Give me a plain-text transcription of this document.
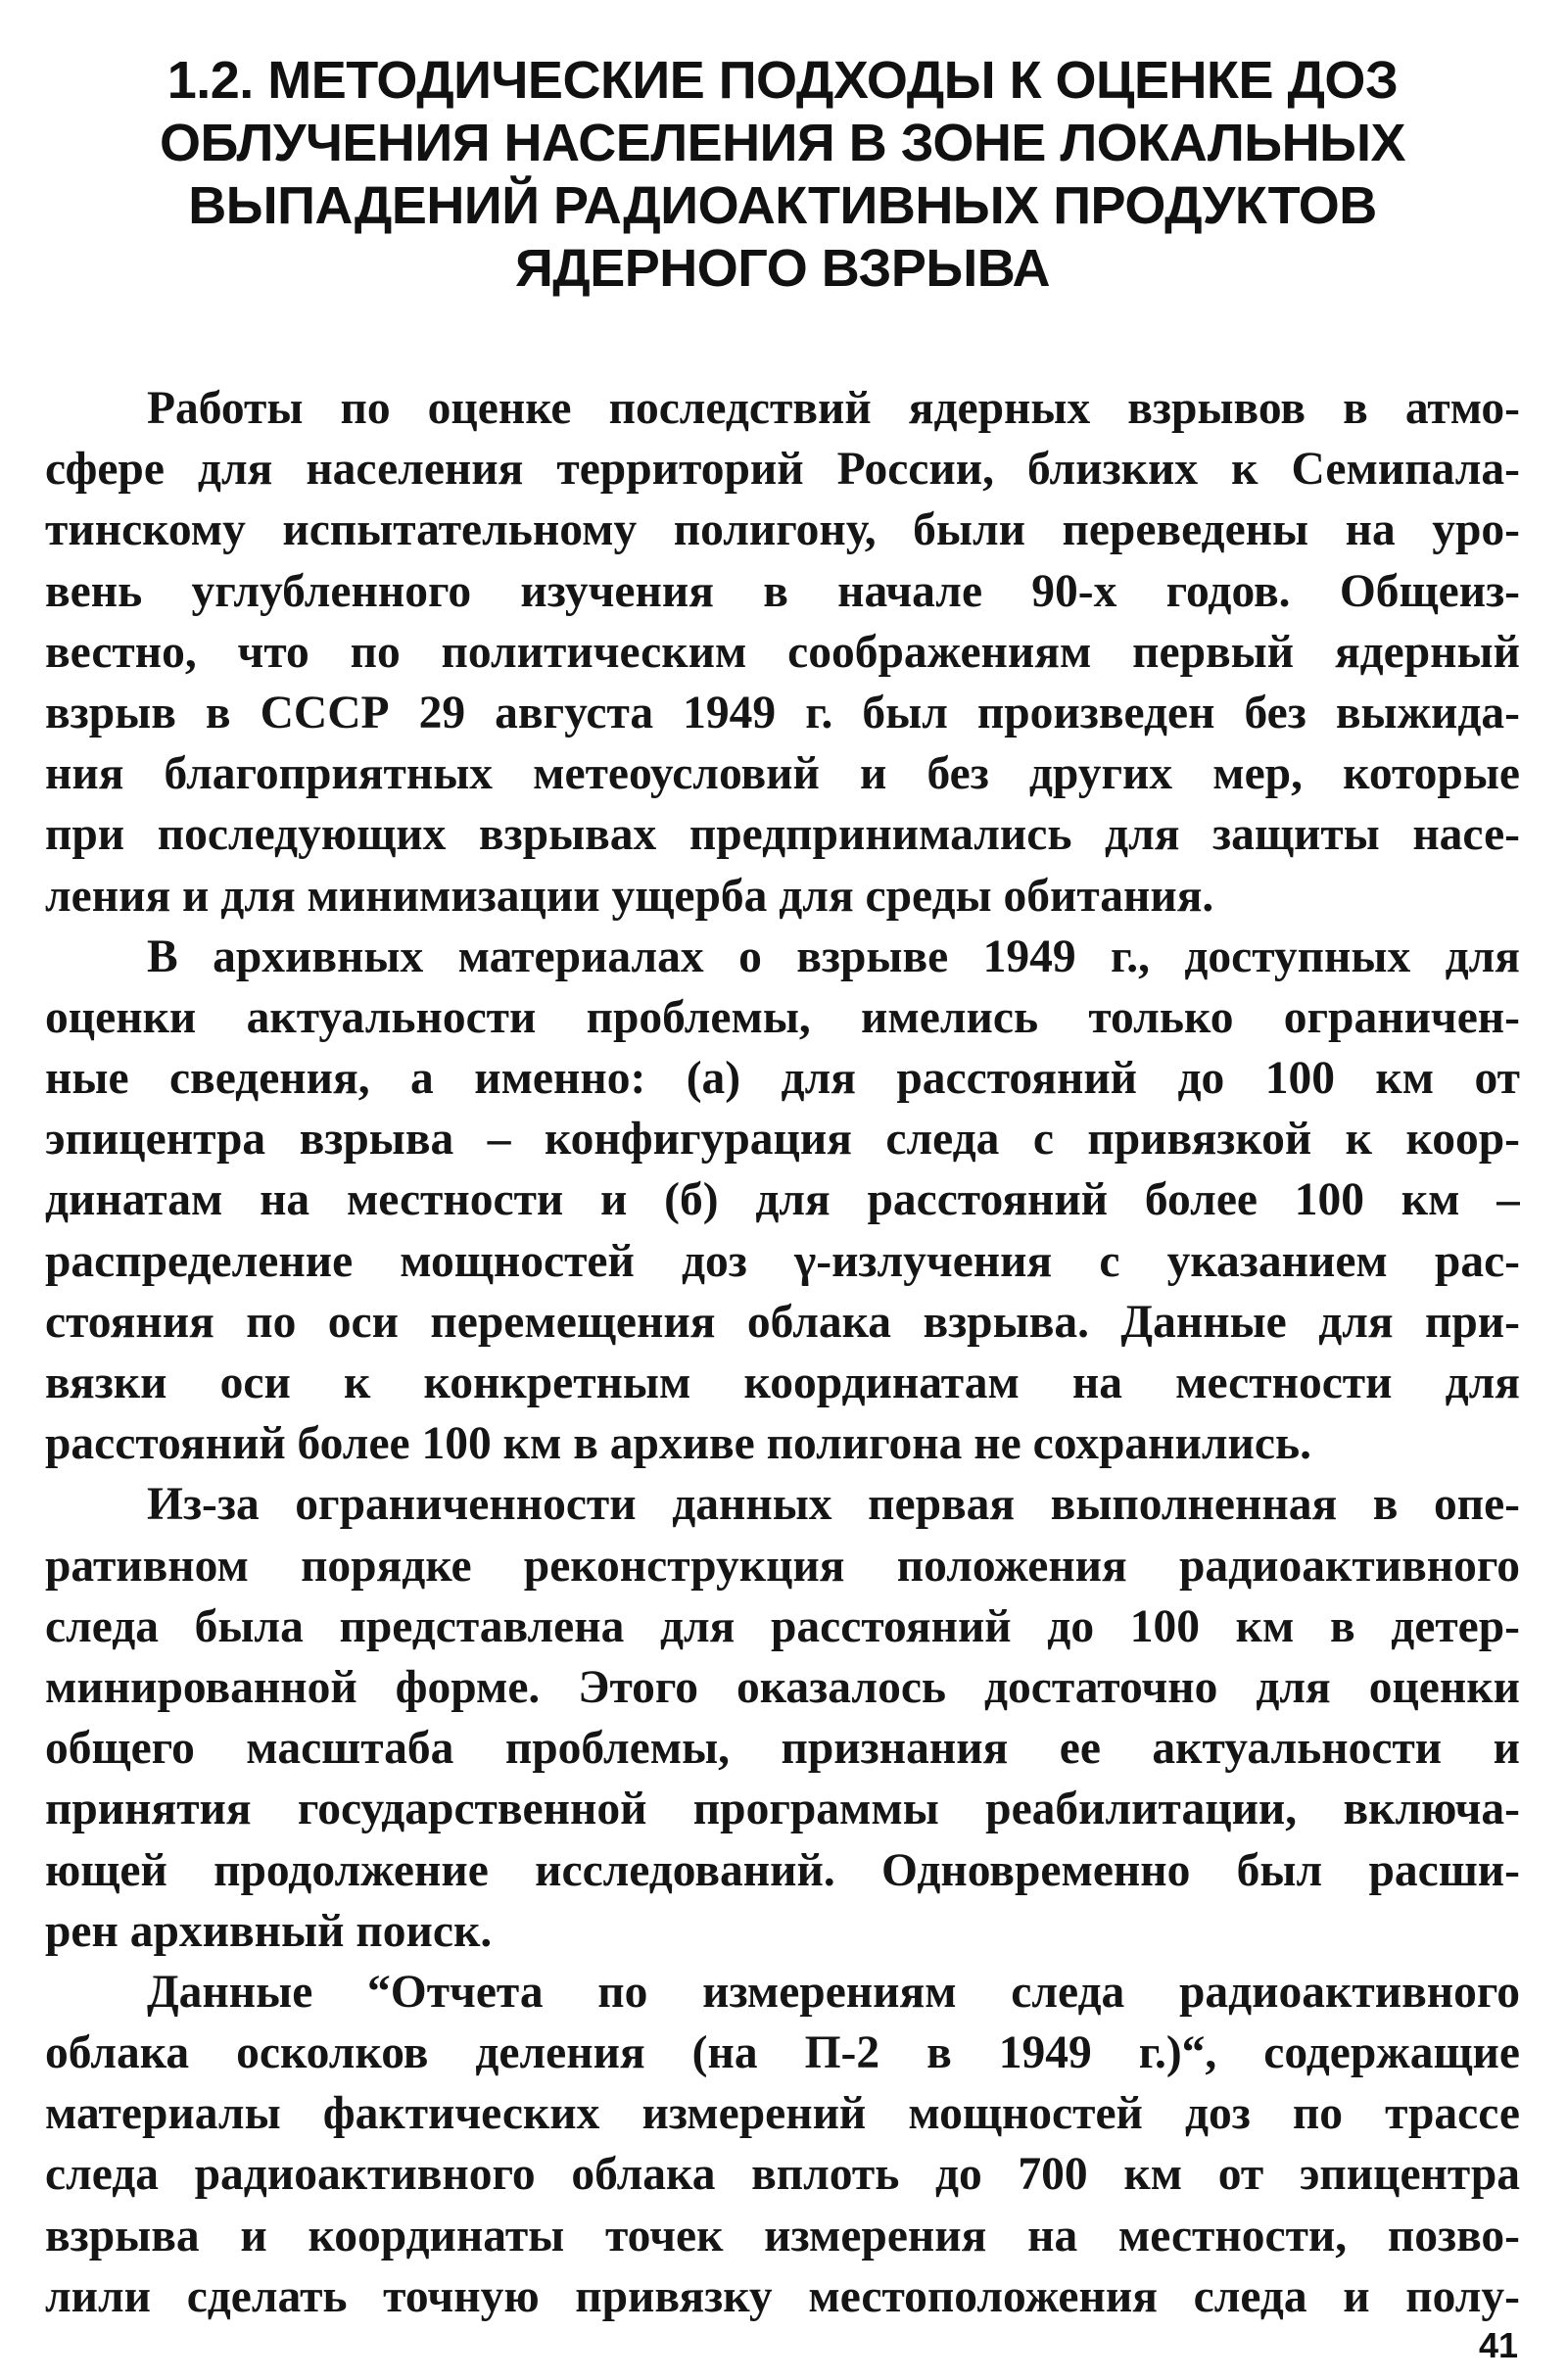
1.2. МЕТОДИЧЕСКИЕ ПОДХОДЫ К ОЦЕНКЕ ДОЗ
ОБЛУЧЕНИЯ НАСЕЛЕНИЯ В ЗОНЕ ЛОКАЛЬНЫХ
ВЫПАДЕНИЙ РАДИОАКТИВНЫХ ПРОДУКТОВ
ЯДЕРНОГО ВЗРЫВА
Работы по оценке последствий ядерных взрывов в атмо-
сфере для населения территорий России, близких к Семипала-
тинскому испытательному полигону, были переведены на уро-
вень углубленного изучения в начале 90-х годов. Общеиз-
вестно, что по политическим соображениям первый ядерный
взрыв в СССР 29 августа 1949 г. был произведен без выжида-
ния благоприятных метеоусловий и без других мер, которые
при последующих взрывах предпринимались для защиты насе-
ления и для минимизации ущерба для среды обитания.
В архивных материалах о взрыве 1949 г., доступных для
оценки актуальности проблемы, имелись только ограничен-
ные сведения, а именно: (а) для расстояний до 100 км от
эпицентра взрыва – конфигурация следа с привязкой к коор-
динатам на местности и (б) для расстояний более 100 км –
распределение мощностей доз γ-излучения с указанием рас-
стояния по оси перемещения облака взрыва. Данные для при-
вязки оси к конкретным координатам на местности для
расстояний более 100 км в архиве полигона не сохранились.
Из-за ограниченности данных первая выполненная в опе-
ративном порядке реконструкция положения радиоактивного
следа была представлена для расстояний до 100 км в детер-
минированной форме. Этого оказалось достаточно для оценки
общего масштаба проблемы, признания ее актуальности и
принятия государственной программы реабилитации, включа-
ющей продолжение исследований. Одновременно был расши-
рен архивный поиск.
Данные “Отчета по измерениям следа радиоактивного
облака осколков деления (на П-2 в 1949 г.)“, содержащие
материалы фактических измерений мощностей доз по трассе
следа радиоактивного облака вплоть до 700 км от эпицентра
взрыва и координаты точек измерения на местности, позво-
лили сделать точную привязку местоположения следа и полу-
41
